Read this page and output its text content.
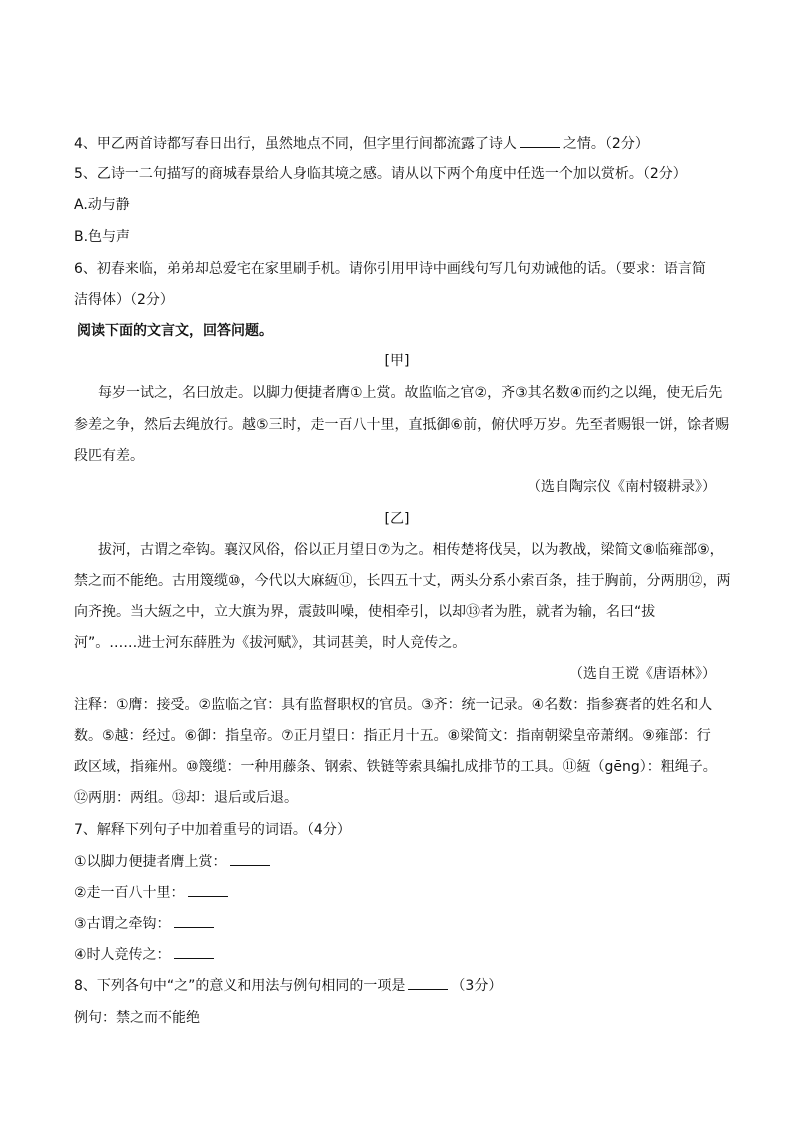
4、甲乙两首诗都写春日出行，虽然地点不同，但字里行间都流露了诗人	之情。（2分）
5、乙诗一二句描写的商城春景给人身临其境之感。请从以下两个角度中任选一个加以赏析。（2分）
A.动与静
B.色与声
6、初春来临，弟弟却总爱宅在家里刷手机。请你引用甲诗中画线句写几句劝诫他的话。（要求：语言简
洁得体）（2分）
阅读下面的文言文，回答问题。
[甲]
每岁一试之，名曰放走。以脚力便捷者膺①上赏。故监临之官②，齐③其名数④而约之以绳，使无后先
参差之争，然后去绳放行。越⑤三时，走一百八十里，直抵御⑥前，俯伏呼万岁。先至者赐银一饼，馀者赐
段匹有差。
（选自陶宗仪《南村辍耕录》）
[乙]
拔河，古谓之牵钩。襄汉风俗，俗以正月望日⑦为之。相传楚将伐吴，以为教战，梁简文⑧临雍部⑨，
禁之而不能绝。古用篾缆⑩，今代以大麻絚⑪，长四五十丈，两头分系小索百条，挂于胸前，分两朋⑫，两
向齐挽。当大絚之中，立大旗为界，震鼓叫噪，使相牵引，以却⑬者为胜，就者为输，名曰“拔
河”。……进士河东薛胜为《拔河赋》，其词甚美，时人竞传之。
（选自王谠《唐语林》）
注释：①膺：接受。②监临之官：具有监督职权的官员。③齐：统一记录。④名数：指参赛者的姓名和人
数。⑤越：经过。⑥御：指皇帝。⑦正月望日：指正月十五。⑧梁简文：指南朝梁皇帝萧纲。⑨雍部：行
政区域，指雍州。⑩篾缆：一种用藤条、钢索、铁链等索具编扎成排节的工具。⑪絚（gēng）：粗绳子。
⑫两朋：两组。⑬却：退后或后退。
7、解释下列句子中加着重号的词语。（4分）
①以脚力便捷者膺上赏：
②走一百八十里：
③古谓之牵钩：
④时人竞传之：
8、下列各句中“之”的意义和用法与例句相同的一项是	（3分）
例句：禁之而不能绝
